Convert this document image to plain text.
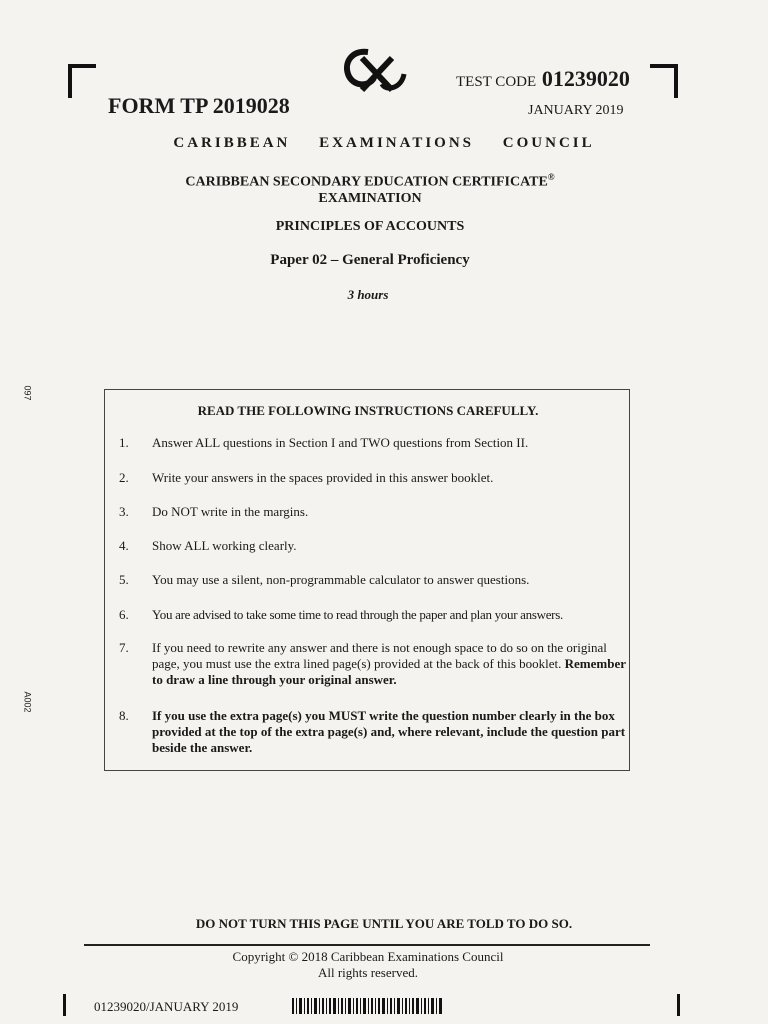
TEST CODE 01239020
FORM TP 2019028	JANUARY 2019
CARIBBEAN EXAMINATIONS COUNCIL
CARIBBEAN SECONDARY EDUCATION CERTIFICATE®
EXAMINATION
PRINCIPLES OF ACCOUNTS
Paper 02 – General Proficiency
3 hours
097
A002
READ THE FOLLOWING INSTRUCTIONS CAREFULLY.
1. Answer ALL questions in Section I and TWO questions from Section II.
2. Write your answers in the spaces provided in this answer booklet.
3. Do NOT write in the margins.
4. Show ALL working clearly.
5. You may use a silent, non-programmable calculator to answer questions.
6. You are advised to take some time to read through the paper and plan your answers.
7. If you need to rewrite any answer and there is not enough space to do so on the original page, you must use the extra lined page(s) provided at the back of this booklet. Remember to draw a line through your original answer.
8. If you use the extra page(s) you MUST write the question number clearly in the box provided at the top of the extra page(s) and, where relevant, include the question part beside the answer.
DO NOT TURN THIS PAGE UNTIL YOU ARE TOLD TO DO SO.
Copyright © 2018 Caribbean Examinations Council
All rights reserved.
01239020/JANUARY 2019
